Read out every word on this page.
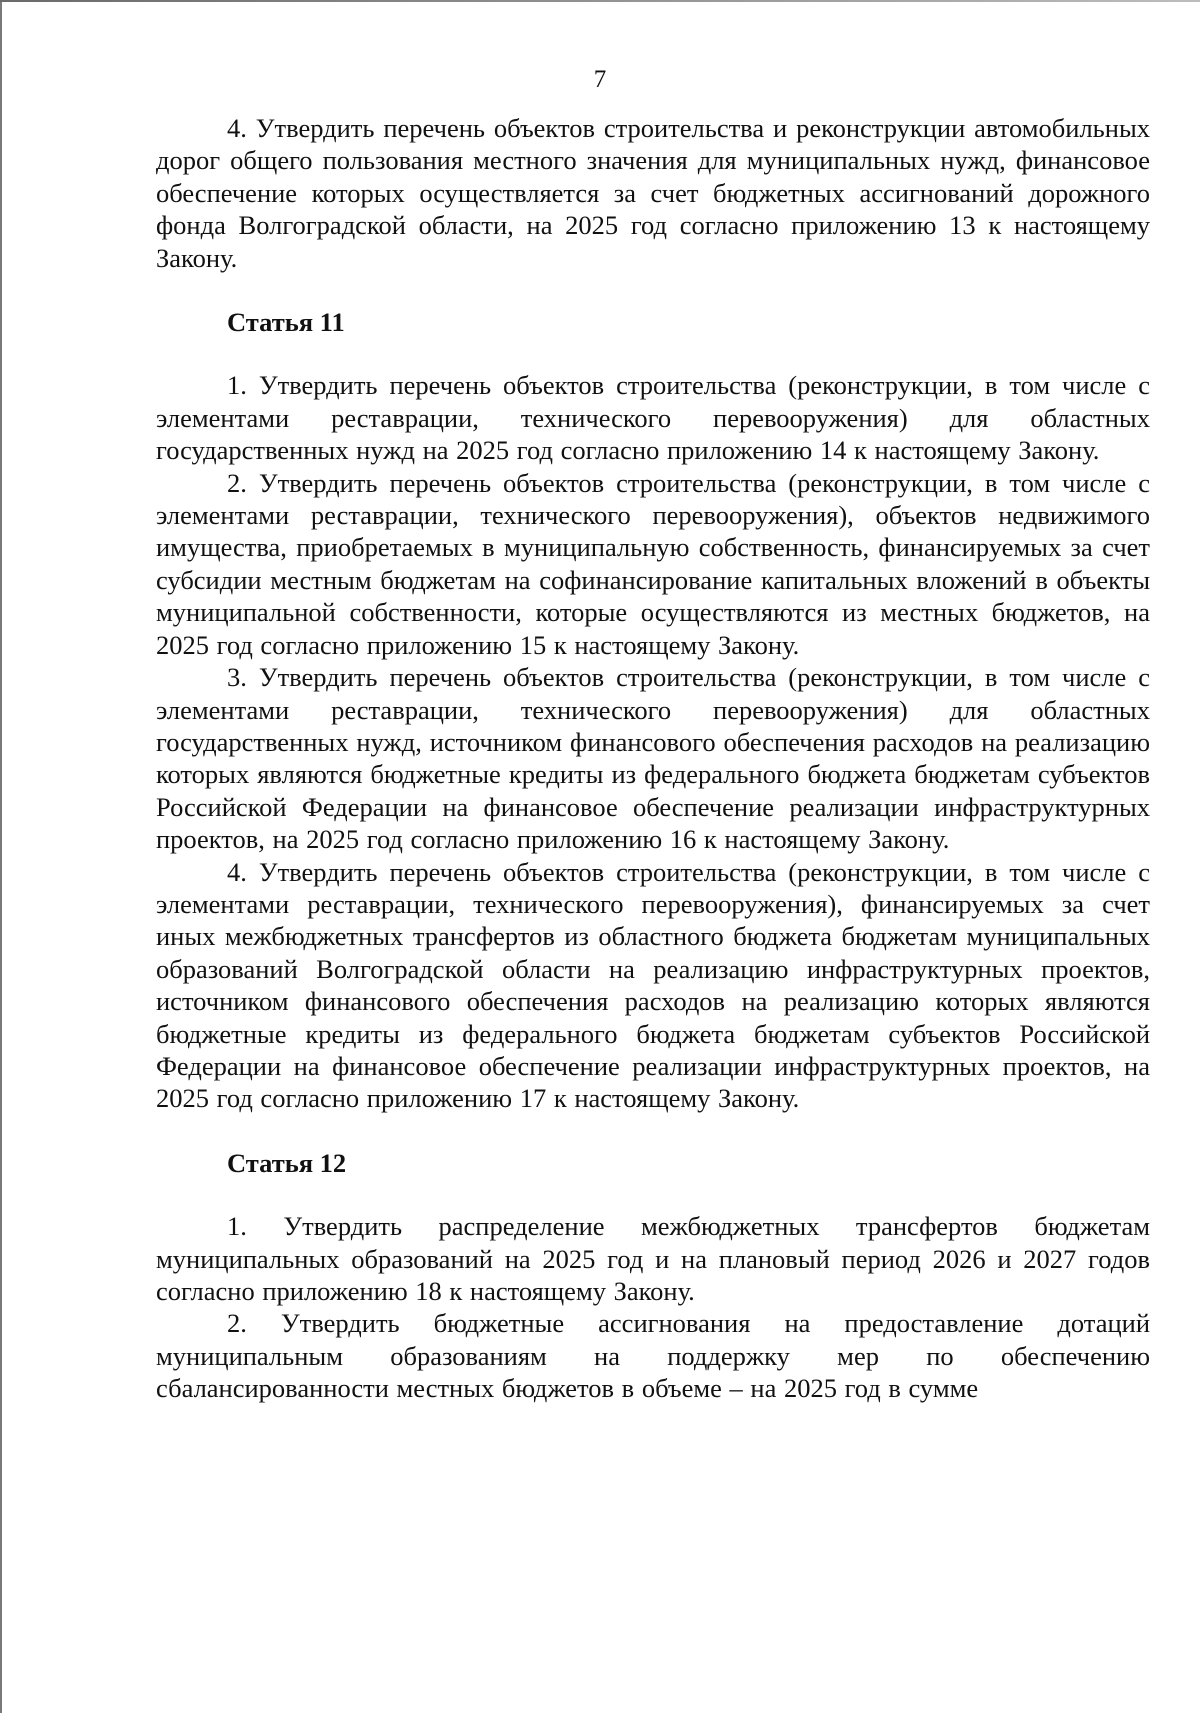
7

4. Утвердить перечень объектов строительства и реконструкции автомобильных дорог общего пользования местного значения для муниципальных нужд, финансовое обеспечение которых осуществляется за счет бюджетных ассигнований дорожного фонда Волгоградской области, на 2025 год согласно приложению 13 к настоящему Закону.

Статья 11

1. Утвердить перечень объектов строительства (реконструкции, в том числе с элементами реставрации, технического перевооружения) для областных государственных нужд на 2025 год согласно приложению 14 к настоящему Закону.

2. Утвердить перечень объектов строительства (реконструкции, в том числе с элементами реставрации, технического перевооружения), объектов недвижимого имущества, приобретаемых в муниципальную собственность, финансируемых за счет субсидии местным бюджетам на софинансирование капитальных вложений в объекты муниципальной собственности, которые осуществляются из местных бюджетов, на 2025 год согласно приложению 15 к настоящему Закону.

3. Утвердить перечень объектов строительства (реконструкции, в том числе с элементами реставрации, технического перевооружения) для областных государственных нужд, источником финансового обеспечения расходов на реализацию которых являются бюджетные кредиты из федерального бюджета бюджетам субъектов Российской Федерации на финансовое обеспечение реализации инфраструктурных проектов, на 2025 год согласно приложению 16 к настоящему Закону.

4. Утвердить перечень объектов строительства (реконструкции, в том числе с элементами реставрации, технического перевооружения), финансируемых за счет иных межбюджетных трансфертов из областного бюджета бюджетам муниципальных образований Волгоградской области на реализацию инфраструктурных проектов, источником финансового обеспечения расходов на реализацию которых являются бюджетные кредиты из федерального бюджета бюджетам субъектов Российской Федерации на финансовое обеспечение реализации инфраструктурных проектов, на 2025 год согласно приложению 17 к настоящему Закону.

Статья 12

1. Утвердить распределение межбюджетных трансфертов бюджетам муниципальных образований на 2025 год и на плановый период 2026 и 2027 годов согласно приложению 18 к настоящему Закону.

2. Утвердить бюджетные ассигнования на предоставление дотаций муниципальным образованиям на поддержку мер по обеспечению сбалансированности местных бюджетов в объеме – на 2025 год в сумме
